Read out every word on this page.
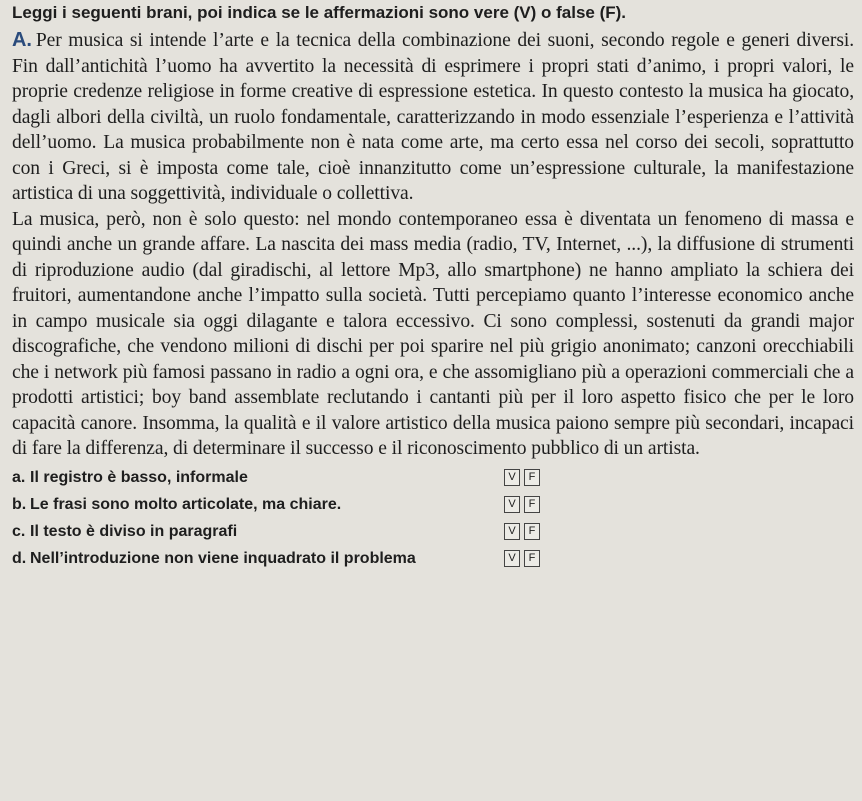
Leggi i seguenti brani, poi indica se le affermazioni sono vere (V) o false (F).

A. Per musica si intende l’arte e la tecnica della combinazione dei suoni, secondo regole e generi diversi. Fin dall’antichità l’uomo ha avvertito la necessità di esprimere i propri stati d’animo, i propri valori, le proprie credenze religiose in forme creative di espressione estetica. In questo contesto la musica ha giocato, dagli albori della civiltà, un ruolo fondamentale, caratterizzando in modo essenziale l’esperienza e l’attività dell’uomo. La musica probabilmente non è nata come arte, ma certo essa nel corso dei secoli, soprattutto con i Greci, si è imposta come tale, cioè innanzitutto come un’espressione culturale, la manifestazione artistica di una soggettività, individuale o collettiva.

La musica, però, non è solo questo: nel mondo contemporaneo essa è diventata un fenomeno di massa e quindi anche un grande affare. La nascita dei mass media (radio, TV, Internet, ...), la diffusione di strumenti di riproduzione audio (dal giradischi, al lettore Mp3, allo smartphone) ne hanno ampliato la schiera dei fruitori, aumentandone anche l’impatto sulla società. Tutti percepiamo quanto l’interesse economico anche in campo musicale sia oggi dilagante e talora eccessivo. Ci sono complessi, sostenuti da grandi major discografiche, che vendono milioni di dischi per poi sparire nel più grigio anonimato; canzoni orecchiabili che i network più famosi passano in radio a ogni ora, e che assomigliano più a operazioni commerciali che a prodotti artistici; boy band assemblate reclutando i cantanti più per il loro aspetto fisico che per le loro capacità canore. Insomma, la qualità e il valore artistico della musica paiono sempre più secondari, incapaci di fare la differenza, di determinare il successo e il riconoscimento pubblico di un artista.

a. Il registro è basso, informale	V	F
b. Le frasi sono molto articolate, ma chiare.	V	F
c. Il testo è diviso in paragrafi	V	F
d. Nell’introduzione non viene inquadrato il problema	V	F
